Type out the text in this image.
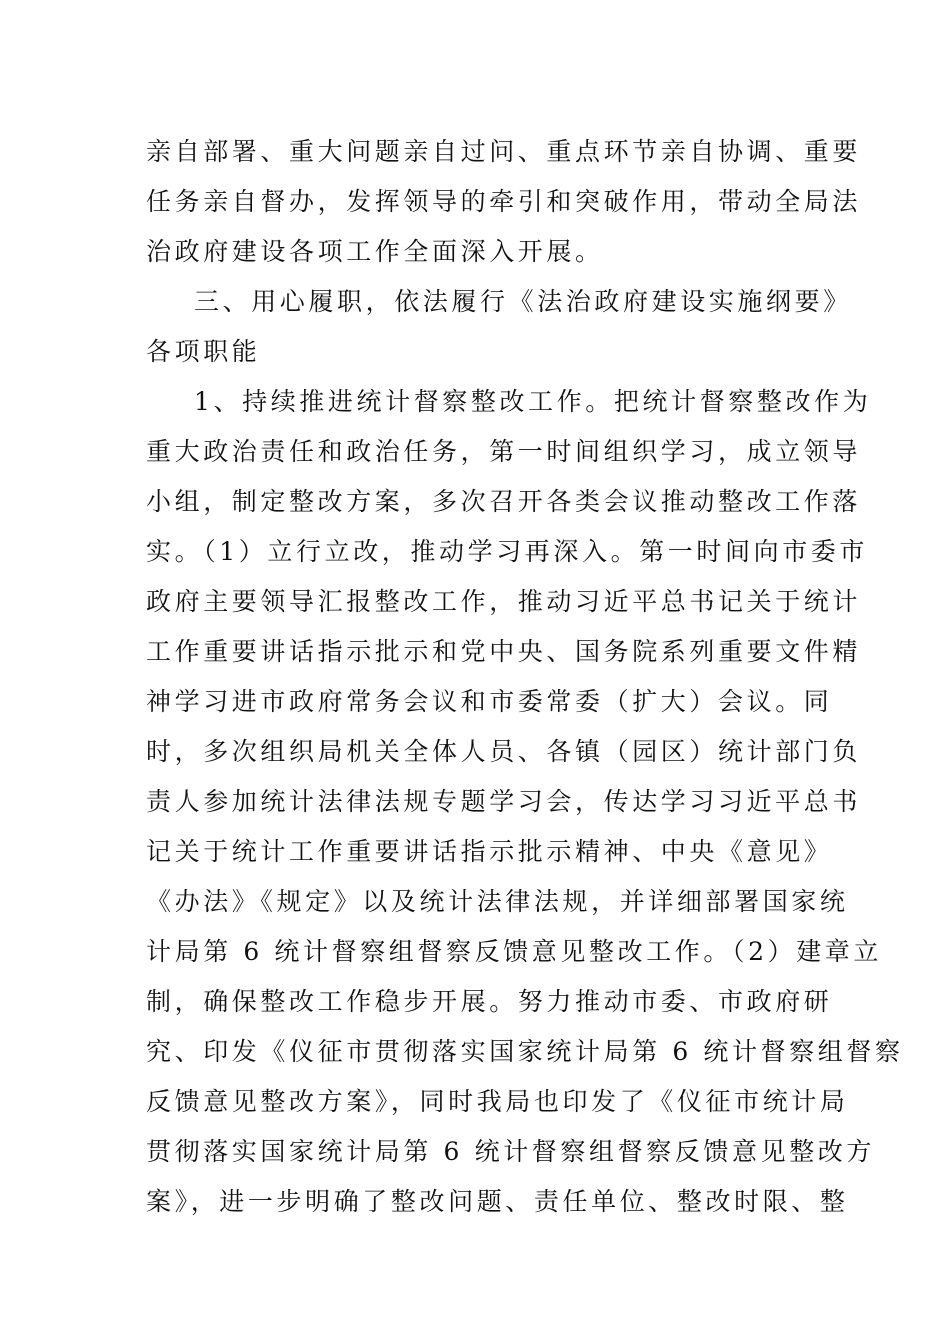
亲自部署、重大问题亲自过问、重点环节亲自协调、重要
任务亲自督办，发挥领导的牵引和突破作用，带动全局法
治政府建设各项工作全面深入开展。
三、用心履职，依法履行《法治政府建设实施纲要》
各项职能
1、持续推进统计督察整改工作。把统计督察整改作为
重大政治责任和政治任务，第一时间组织学习，成立领导
小组，制定整改方案，多次召开各类会议推动整改工作落
实。（1）立行立改，推动学习再深入。第一时间向市委市
政府主要领导汇报整改工作，推动习近平总书记关于统计
工作重要讲话指示批示和党中央、国务院系列重要文件精
神学习进市政府常务会议和市委常委（扩大）会议。同
时，多次组织局机关全体人员、各镇（园区）统计部门负
责人参加统计法律法规专题学习会，传达学习习近平总书
记关于统计工作重要讲话指示批示精神、中央《意见》
《办法》《规定》以及统计法律法规，并详细部署国家统
计局第 6 统计督察组督察反馈意见整改工作。（2）建章立
制，确保整改工作稳步开展。努力推动市委、市政府研
究、印发《仪征市贯彻落实国家统计局第 6 统计督察组督察
反馈意见整改方案》，同时我局也印发了《仪征市统计局
贯彻落实国家统计局第 6 统计督察组督察反馈意见整改方
案》，进一步明确了整改问题、责任单位、整改时限、整
